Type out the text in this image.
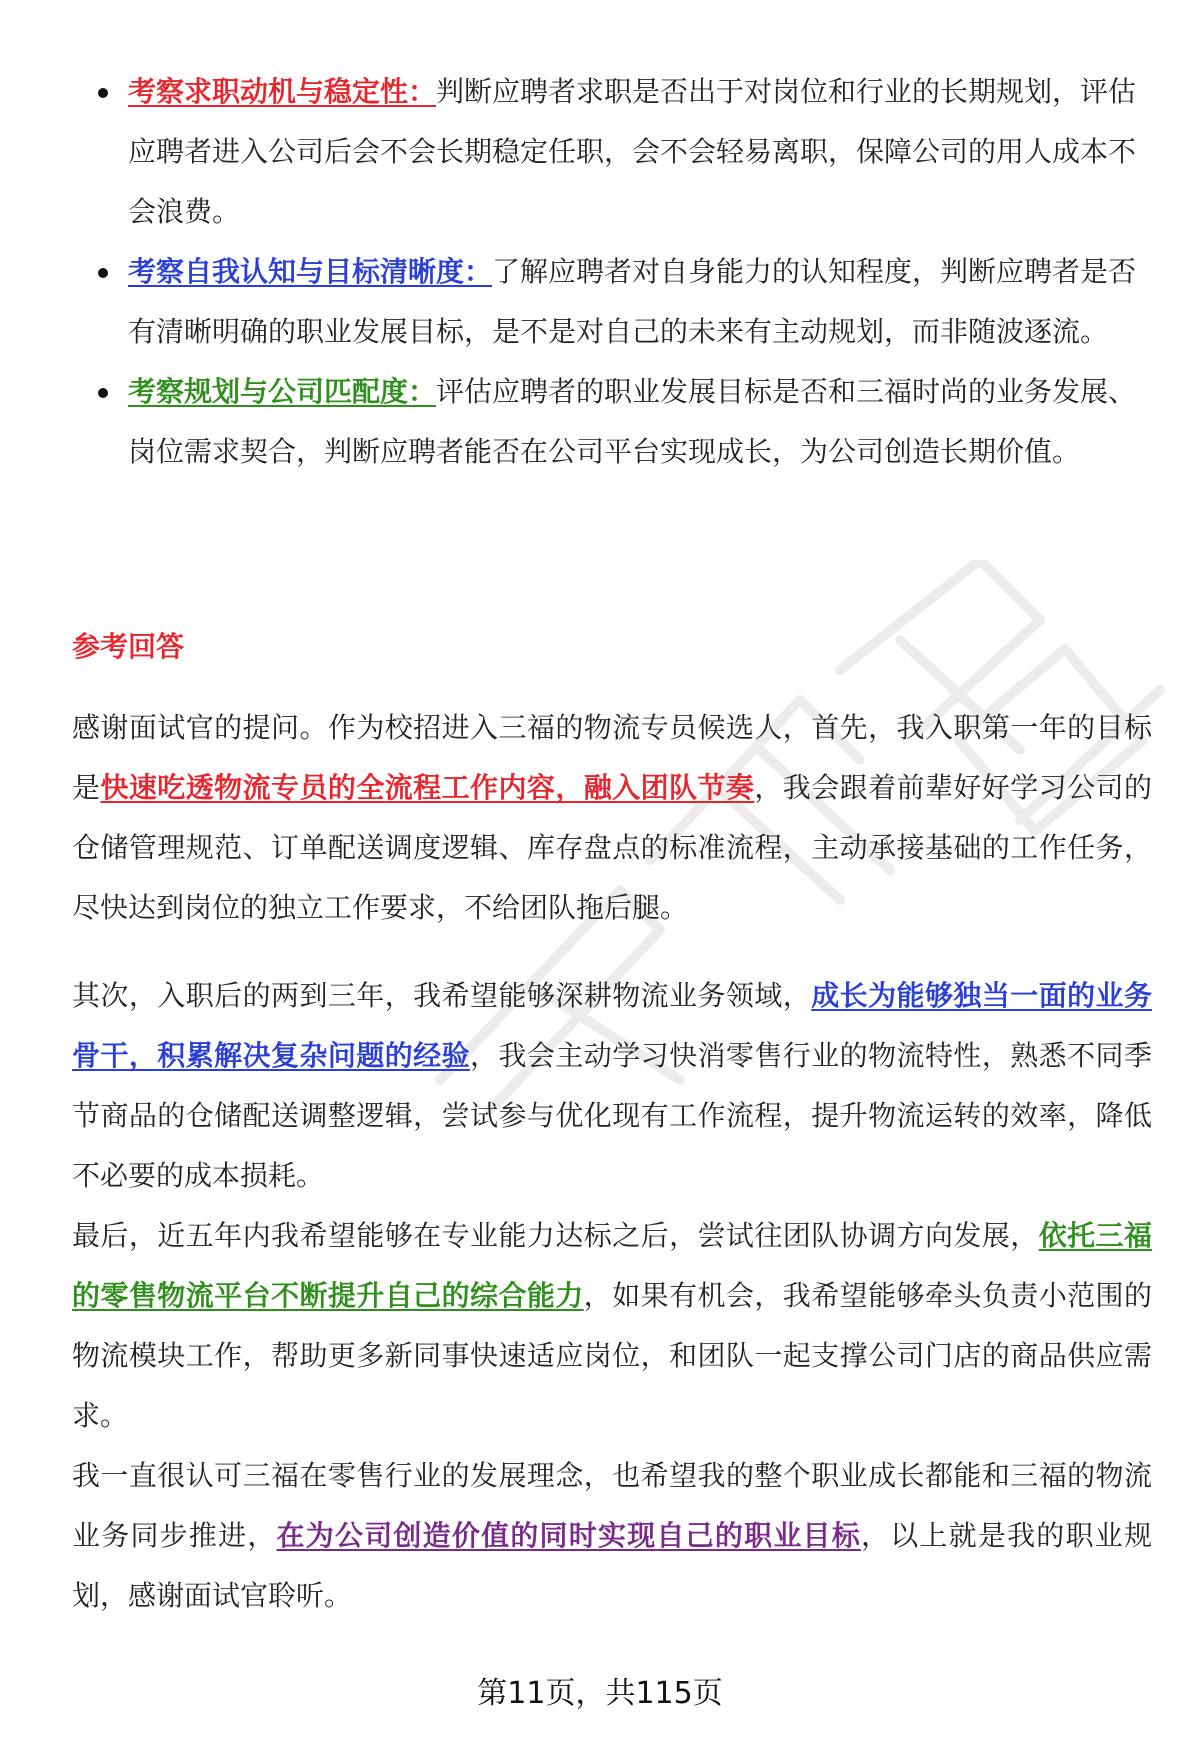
考察求职动机与稳定性：判断应聘者求职是否出于对岗位和行业的长期规划，评估应聘者进入公司后会不会长期稳定任职，会不会轻易离职，保障公司的用人成本不会浪费。
考察自我认知与目标清晰度：了解应聘者对自身能力的认知程度，判断应聘者是否有清晰明确的职业发展目标，是不是对自己的未来有主动规划，而非随波逐流。
考察规划与公司匹配度：评估应聘者的职业发展目标是否和三福时尚的业务发展、岗位需求契合，判断应聘者能否在公司平台实现成长，为公司创造长期价值。
参考回答

感谢面试官的提问。作为校招进入三福的物流专员候选人，首先，我入职第一年的目标是快速吃透物流专员的全流程工作内容，融入团队节奏，我会跟着前辈好好学习公司的仓储管理规范、订单配送调度逻辑、库存盘点的标准流程，主动承接基础的工作任务，尽快达到岗位的独立工作要求，不给团队拖后腿。

其次，入职后的两到三年，我希望能够深耕物流业务领域，成长为能够独当一面的业务骨干，积累解决复杂问题的经验，我会主动学习快消零售行业的物流特性，熟悉不同季节商品的仓储配送调整逻辑，尝试参与优化现有工作流程，提升物流运转的效率，降低不必要的成本损耗。

最后，近五年内我希望能够在专业能力达标之后，尝试往团队协调方向发展，依托三福的零售物流平台不断提升自己的综合能力，如果有机会，我希望能够牵头负责小范围的物流模块工作，帮助更多新同事快速适应岗位，和团队一起支撑公司门店的商品供应需求。

我一直很认可三福在零售行业的发展理念，也希望我的整个职业成长都能和三福的物流业务同步推进，在为公司创造价值的同时实现自己的职业目标，以上就是我的职业规划，感谢面试官聆听。

第11页，共115页
